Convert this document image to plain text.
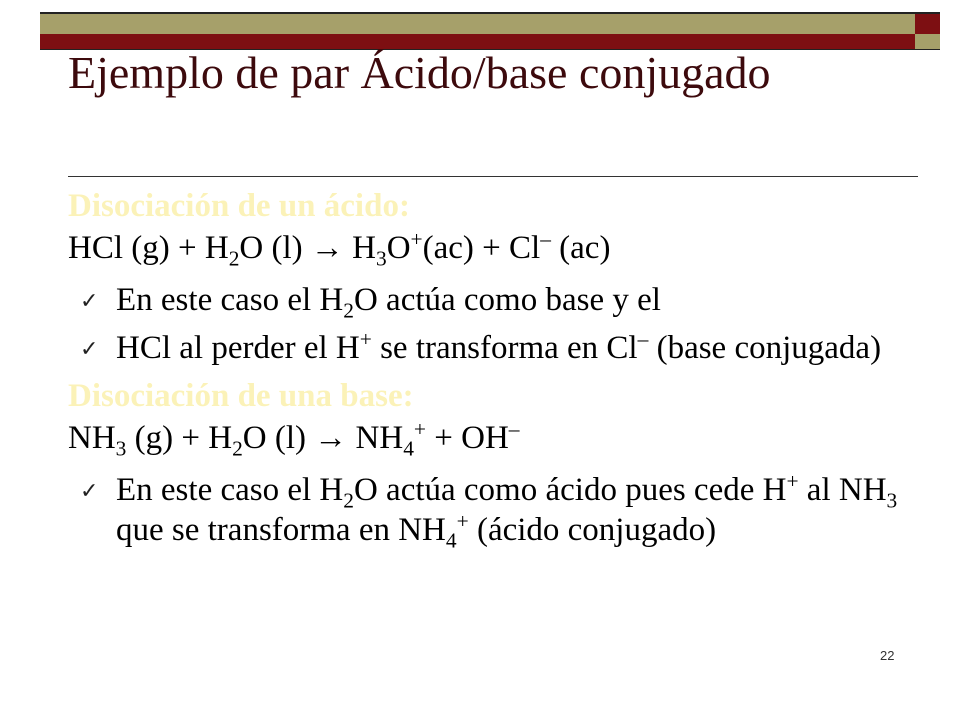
Ejemplo de par Ácido/base conjugado
Disociación de un ácido:
HCl $(g) + H_2O$ $(l) \to H_3O^+(ac) + Cl^-$ (ac)
✓ En este caso el $H_2O$ actúa como base y el
✓ HCl al perder el H+ se transforma en Cl– (base conjugada)
Disociación de una base:
$NH_3$ $(g) + H_2O$ $(l) \to NH_4^+ + OH^-$
✓ En este caso el $H_2O$ actúa como ácido pues cede H+ al $NH_3$ que se transforma en $NH_4^+$ (ácido conjugado)
22
